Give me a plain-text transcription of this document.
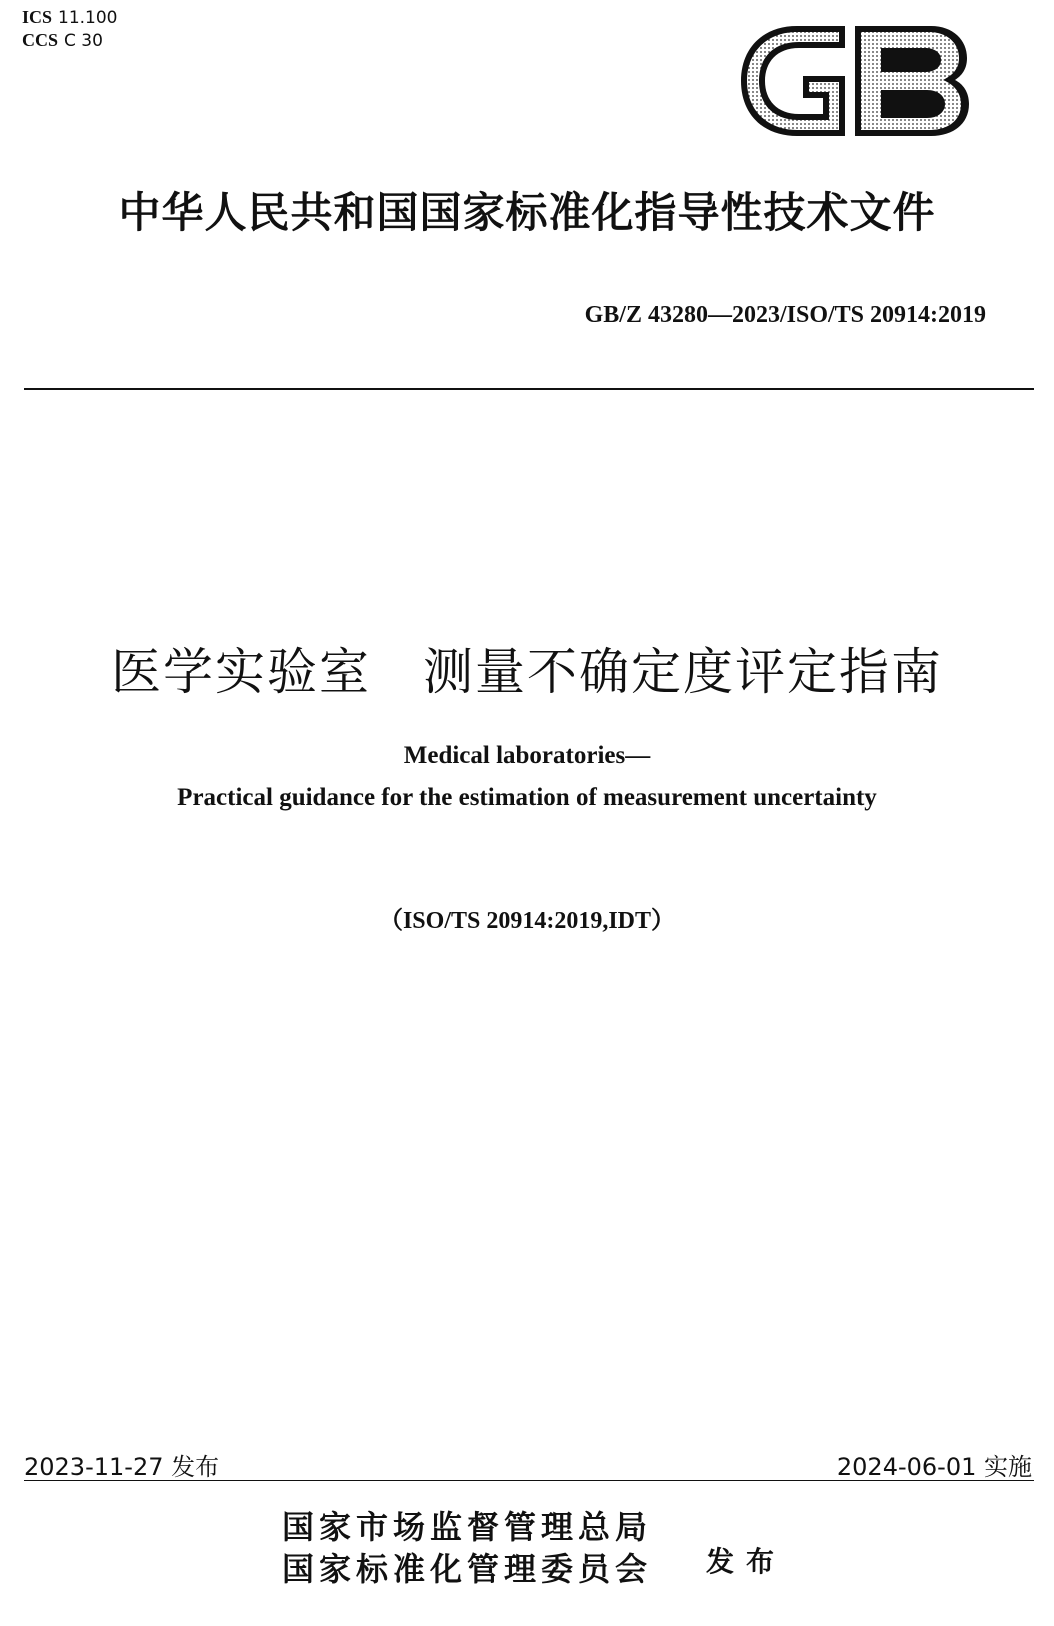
ICS 11.100
CCS C 30
中华人民共和国国家标准化指导性技术文件
GB/Z 43280—2023/ISO/TS 20914:2019
医学实验室　测量不确定度评定指南
Medical laboratories—
Practical guidance for the estimation of measurement uncertainty
（ISO/TS 20914:2019,IDT）
2023-11-27 发布	2024-06-01 实施
国家市场监督管理总局
国家标准化管理委员会 发布
